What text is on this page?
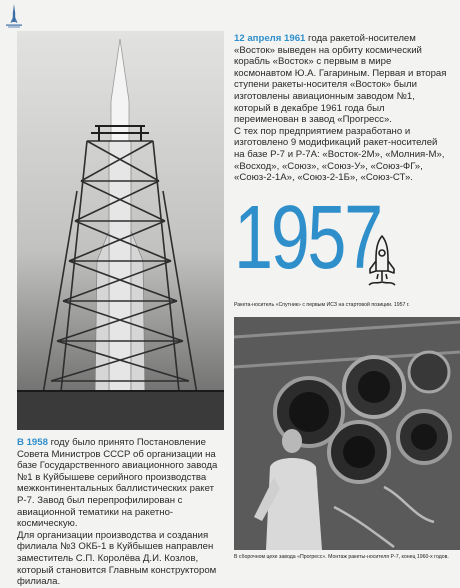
12 апреля 1961 года ракетой-носителем «Восток» выведен на орбиту космический корабль «Восток» с первым в мире космонавтом Ю.А. Гагариным. Первая и вторая ступени ракеты-носителя «Восток» были изготовлены авиационным заводом №1, который в декабре 1961 года был переименован в завод «Прогресс».

С тех пор предприятием разработано и изготовлено 9 модификаций ракет-носителей на базе Р-7 и Р-7А: «Восток-2М», «Молния-М», «Восход», «Союз», «Союз-У», «Союз-ФГ», «Союз-2-1А», «Союз-2-1Б», «Союз-СТ».

1957
Ракета-носитель «Спутник» с первым ИСЗ на стартовой позиции. 1957 г.
В сборочном цехе завода «Прогресс». Монтаж ракеты-носителя Р-7, конец 1960-х годов.

В 1958 году было принято Постановление Совета Министров СССР об организации на базе Государственного авиационного завода №1 в Куйбышеве серийного производства межконтинентальных баллистических ракет Р-7. Завод был перепрофилирован с авиационной тематики на ракетно-космическую.

Для организации производства и создания филиала №3 ОКБ-1 в Куйбышев направлен заместитель С.П. Королёва Д.И. Козлов, который становится Главным конструктором филиала.
